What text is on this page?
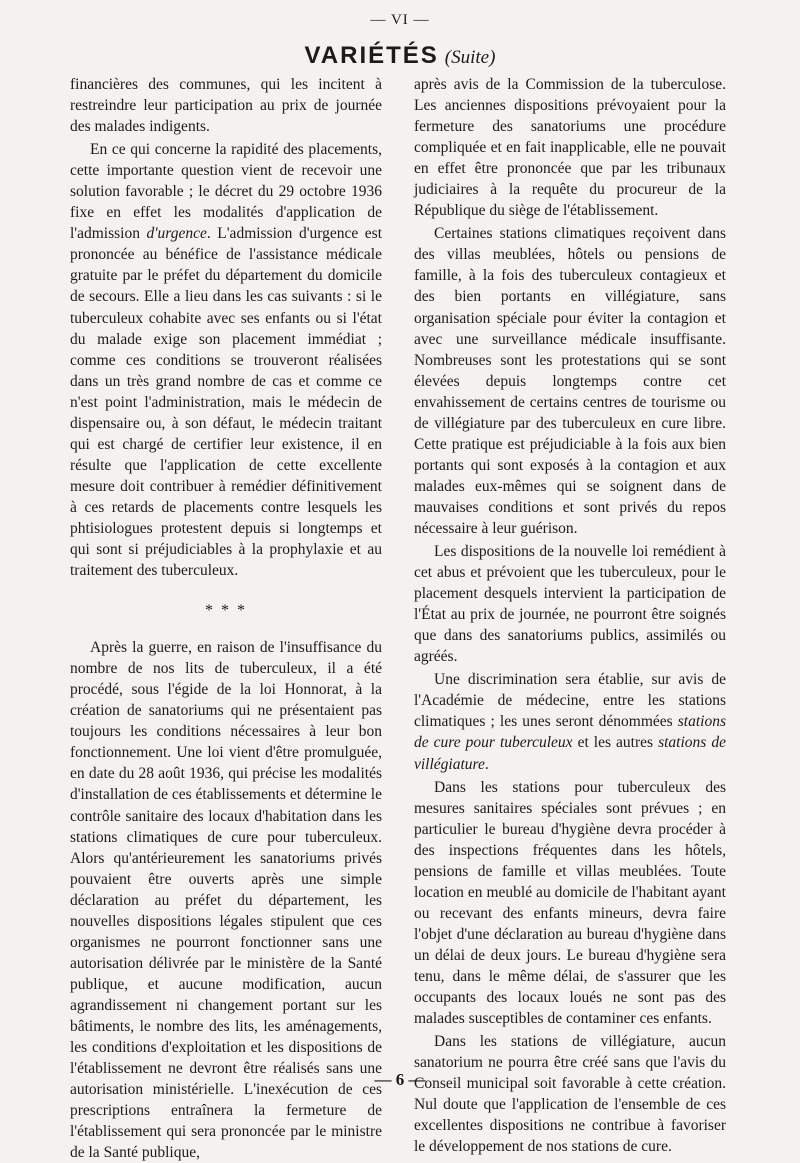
— VI —
VARIÉTÉS (Suite)

financières des communes, qui les incitent à restreindre leur participation au prix de journée des malades indigents.

En ce qui concerne la rapidité des placements, cette importante question vient de recevoir une solution favorable ; le décret du 29 octobre 1936 fixe en effet les modalités d'application de l'admission d'urgence. L'admission d'urgence est prononcée au bénéfice de l'assistance médicale gratuite par le préfet du département du domicile de secours. Elle a lieu dans les cas suivants : si le tuberculeux cohabite avec ses enfants ou si l'état du malade exige son placement immédiat ; comme ces conditions se trouveront réalisées dans un très grand nombre de cas et comme ce n'est point l'administration, mais le médecin de dispensaire ou, à son défaut, le médecin traitant qui est chargé de certifier leur existence, il en résulte que l'application de cette excellente mesure doit contribuer à remédier définitivement à ces retards de placements contre lesquels les phtisiologues protestent depuis si longtemps et qui sont si préjudiciables à la prophylaxie et au traitement des tuberculeux.

* * *

Après la guerre, en raison de l'insuffisance du nombre de nos lits de tuberculeux, il a été procédé, sous l'égide de la loi Honnorat, à la création de sanatoriums qui ne présentaient pas toujours les conditions nécessaires à leur bon fonctionnement. Une loi vient d'être promulguée, en date du 28 août 1936, qui précise les modalités d'installation de ces établissements et détermine le contrôle sanitaire des locaux d'habitation dans les stations climatiques de cure pour tuberculeux. Alors qu'antérieurement les sanatoriums privés pouvaient être ouverts après une simple déclaration au préfet du département, les nouvelles dispositions légales stipulent que ces organismes ne pourront fonctionner sans une autorisation délivrée par le ministère de la Santé publique, et aucune modification, aucun agrandissement ni changement portant sur les bâtiments, le nombre des lits, les aménagements, les conditions d'exploitation et les dispositions de l'établissement ne devront être réalisés sans une autorisation ministérielle. L'inexécution de ces prescriptions entraînera la fermeture de l'établissement qui sera prononcée par le ministre de la Santé publique,

après avis de la Commission de la tuberculose. Les anciennes dispositions prévoyaient pour la fermeture des sanatoriums une procédure compliquée et en fait inapplicable, elle ne pouvait en effet être prononcée que par les tribunaux judiciaires à la requête du procureur de la République du siège de l'établissement.

Certaines stations climatiques reçoivent dans des villas meublées, hôtels ou pensions de famille, à la fois des tuberculeux contagieux et des bien portants en villégiature, sans organisation spéciale pour éviter la contagion et avec une surveillance médicale insuffisante. Nombreuses sont les protestations qui se sont élevées depuis longtemps contre cet envahissement de certains centres de tourisme ou de villégiature par des tuberculeux en cure libre. Cette pratique est préjudiciable à la fois aux bien portants qui sont exposés à la contagion et aux malades eux-mêmes qui se soignent dans de mauvaises conditions et sont privés du repos nécessaire à leur guérison.

Les dispositions de la nouvelle loi remédient à cet abus et prévoient que les tuberculeux, pour le placement desquels intervient la participation de l'État au prix de journée, ne pourront être soignés que dans des sanatoriums publics, assimilés ou agréés.

Une discrimination sera établie, sur avis de l'Académie de médecine, entre les stations climatiques ; les unes seront dénommées stations de cure pour tuberculeux et les autres stations de villégiature.

Dans les stations pour tuberculeux des mesures sanitaires spéciales sont prévues ; en particulier le bureau d'hygiène devra procéder à des inspections fréquentes dans les hôtels, pensions de famille et villas meublées. Toute location en meublé au domicile de l'habitant ayant ou recevant des enfants mineurs, devra faire l'objet d'une déclaration au bureau d'hygiène dans un délai de deux jours. Le bureau d'hygiène sera tenu, dans le même délai, de s'assurer que les occupants des locaux loués ne sont pas des malades susceptibles de contaminer ces enfants.

Dans les stations de villégiature, aucun sanatorium ne pourra être créé sans que l'avis du Conseil municipal soit favorable à cette création. Nul doute que l'application de l'ensemble de ces excellentes dispositions ne contribue à favoriser le développement de nos stations de cure.

— 6 —
